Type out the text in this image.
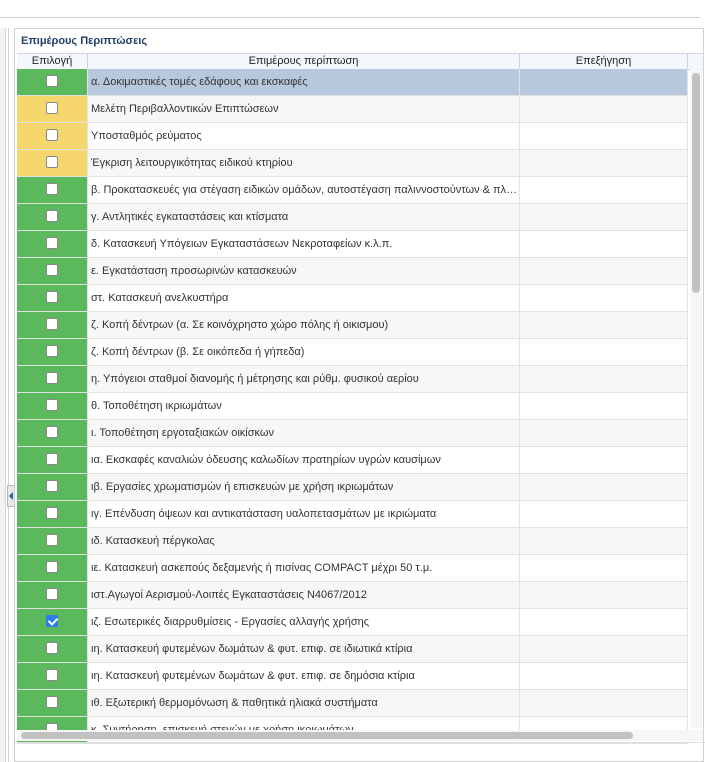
Επιμέρους Περιπτώσεις
Επιλογή	Επιμέρους περίπτωση	Επεξήγηση
α. Δοκιμαστικές τομές εδάφους και εκσκαφές
Μελέτη Περιβαλλοντικών Επιπτώσεων
Υποσταθμός ρεύματος
Έγκριση λειτουργικότητας ειδικού κτηρίου
β. Προκατασκευές για στέγαση ειδικών ομάδων, αυτοστέγαση παλιννοστούντων & πλ…
γ. Αντλητικές εγκαταστάσεις και κτίσματα
δ. Κατασκευή Υπόγειων Εγκαταστάσεων Νεκροταφείων κ.λ.π.
ε. Εγκατάσταση προσωρινών κατασκευών
στ. Κατασκευή ανελκυστήρα
ζ. Κοπή δέντρων (α. Σε κοινόχρηστο χώρο πόλης ή οικισμου)
ζ. Κοπή δέντρων (β. Σε οικόπεδα ή γήπεδα)
η. Υπόγειοι σταθμοί διανομής ή μέτρησης και ρύθμ. φυσικού αερίου
θ. Τοποθέτηση ικριωμάτων
ι. Τοποθέτηση εργοταξιακών οικίσκων
ια. Εκσκαφές καναλιών όδευσης καλωδίων πρατηρίων υγρών καυσίμων
ιβ. Εργασίες χρωματισμών ή επισκευών με χρήση ικριωμάτων
ιγ. Επένδυση όψεων και αντικατάσταση υαλοπετασμάτων με ικριώματα
ιδ. Κατασκευή πέργκολας
ιε. Κατασκευή ασκεπούς δεξαμενής ή πισίνας COMPACT μέχρι 50 τ.μ.
ιστ.Αγωγοί Αερισμού-Λοιπές Εγκαταστάσεις Ν4067/2012
ιζ. Εσωτερικές διαρρυθμίσεις - Εργασίες αλλαγής χρήσης
ιη. Κατασκευή φυτεμένων δωμάτων & φυτ. επιφ. σε ιδιωτικά κτίρια
ιη. Κατασκευή φυτεμένων δωμάτων & φυτ. επιφ. σε δημόσια κτίρια
ιθ. Εξωτερική θερμομόνωση & παθητικά ηλιακά συστήματα
